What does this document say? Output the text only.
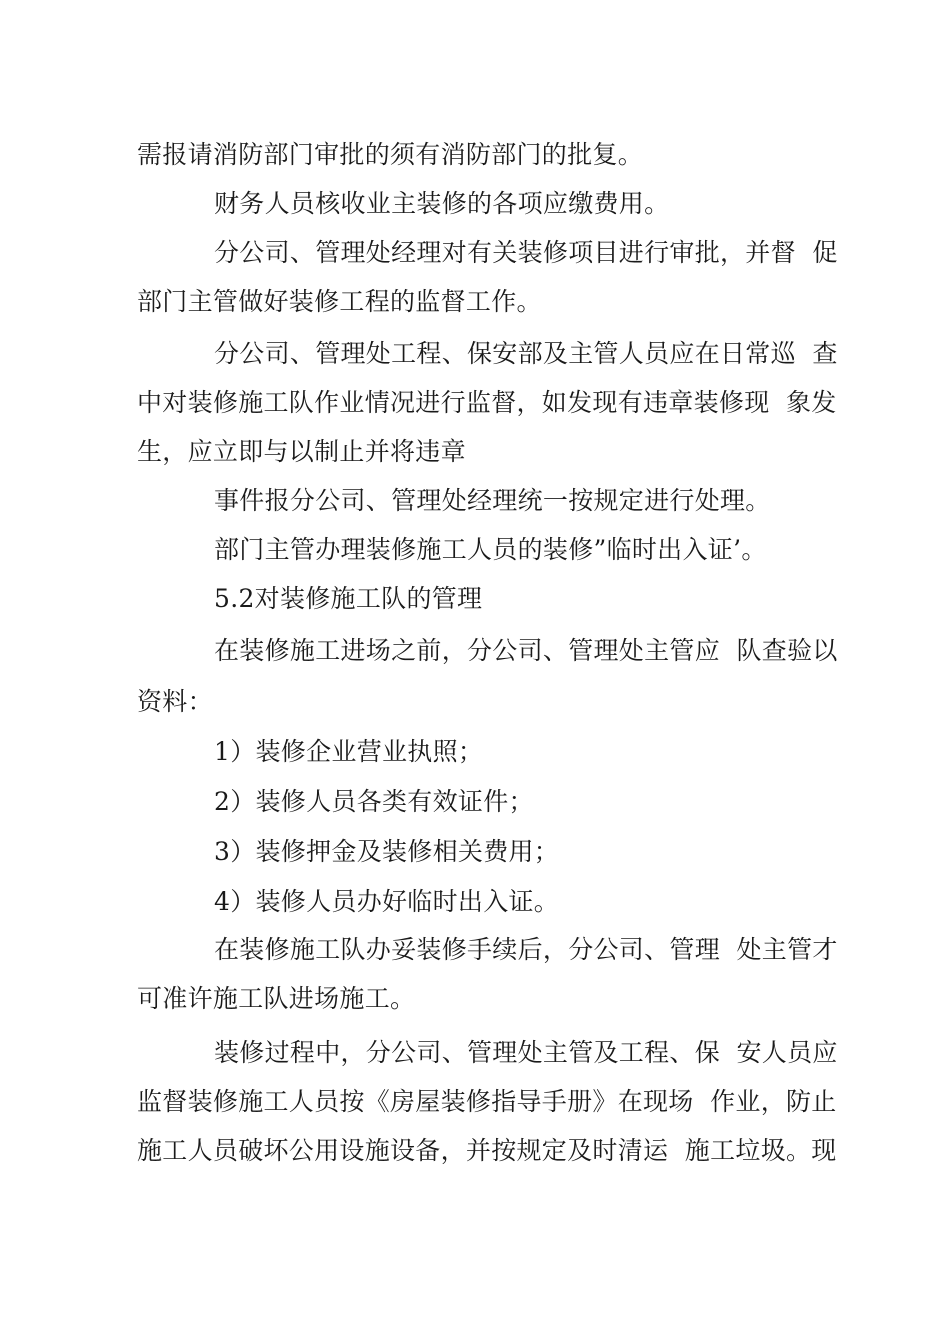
需报请消防部门审批的须有消防部门的批复。
财务人员核收业主装修的各项应缴费用。
分公司、管理处经理对有关装修项目进行审批，并督  促
部门主管做好装修工程的监督工作。
分公司、管理处工程、保安部及主管人员应在日常巡  查
中对装修施工队作业情况进行监督，如发现有违章装修现  象发
生，应立即与以制止并将违章
事件报分公司、管理处经理统一按规定进行处理。
部门主管办理装修施工人员的装修”临时出入证’。
5.2对装修施工队的管理
在装修施工进场之前，分公司、管理处主管应  队查验以
资料：
1）装修企业营业执照；
2）装修人员各类有效证件；
3）装修押金及装修相关费用；
4）装修人员办好临时出入证。
在装修施工队办妥装修手续后，分公司、管理  处主管才
可准许施工队进场施工。
装修过程中，分公司、管理处主管及工程、保  安人员应
监督装修施工人员按《房屋装修指导手册》在现场  作业，防止
施工人员破坏公用设施设备，并按规定及时清运  施工垃圾。现
